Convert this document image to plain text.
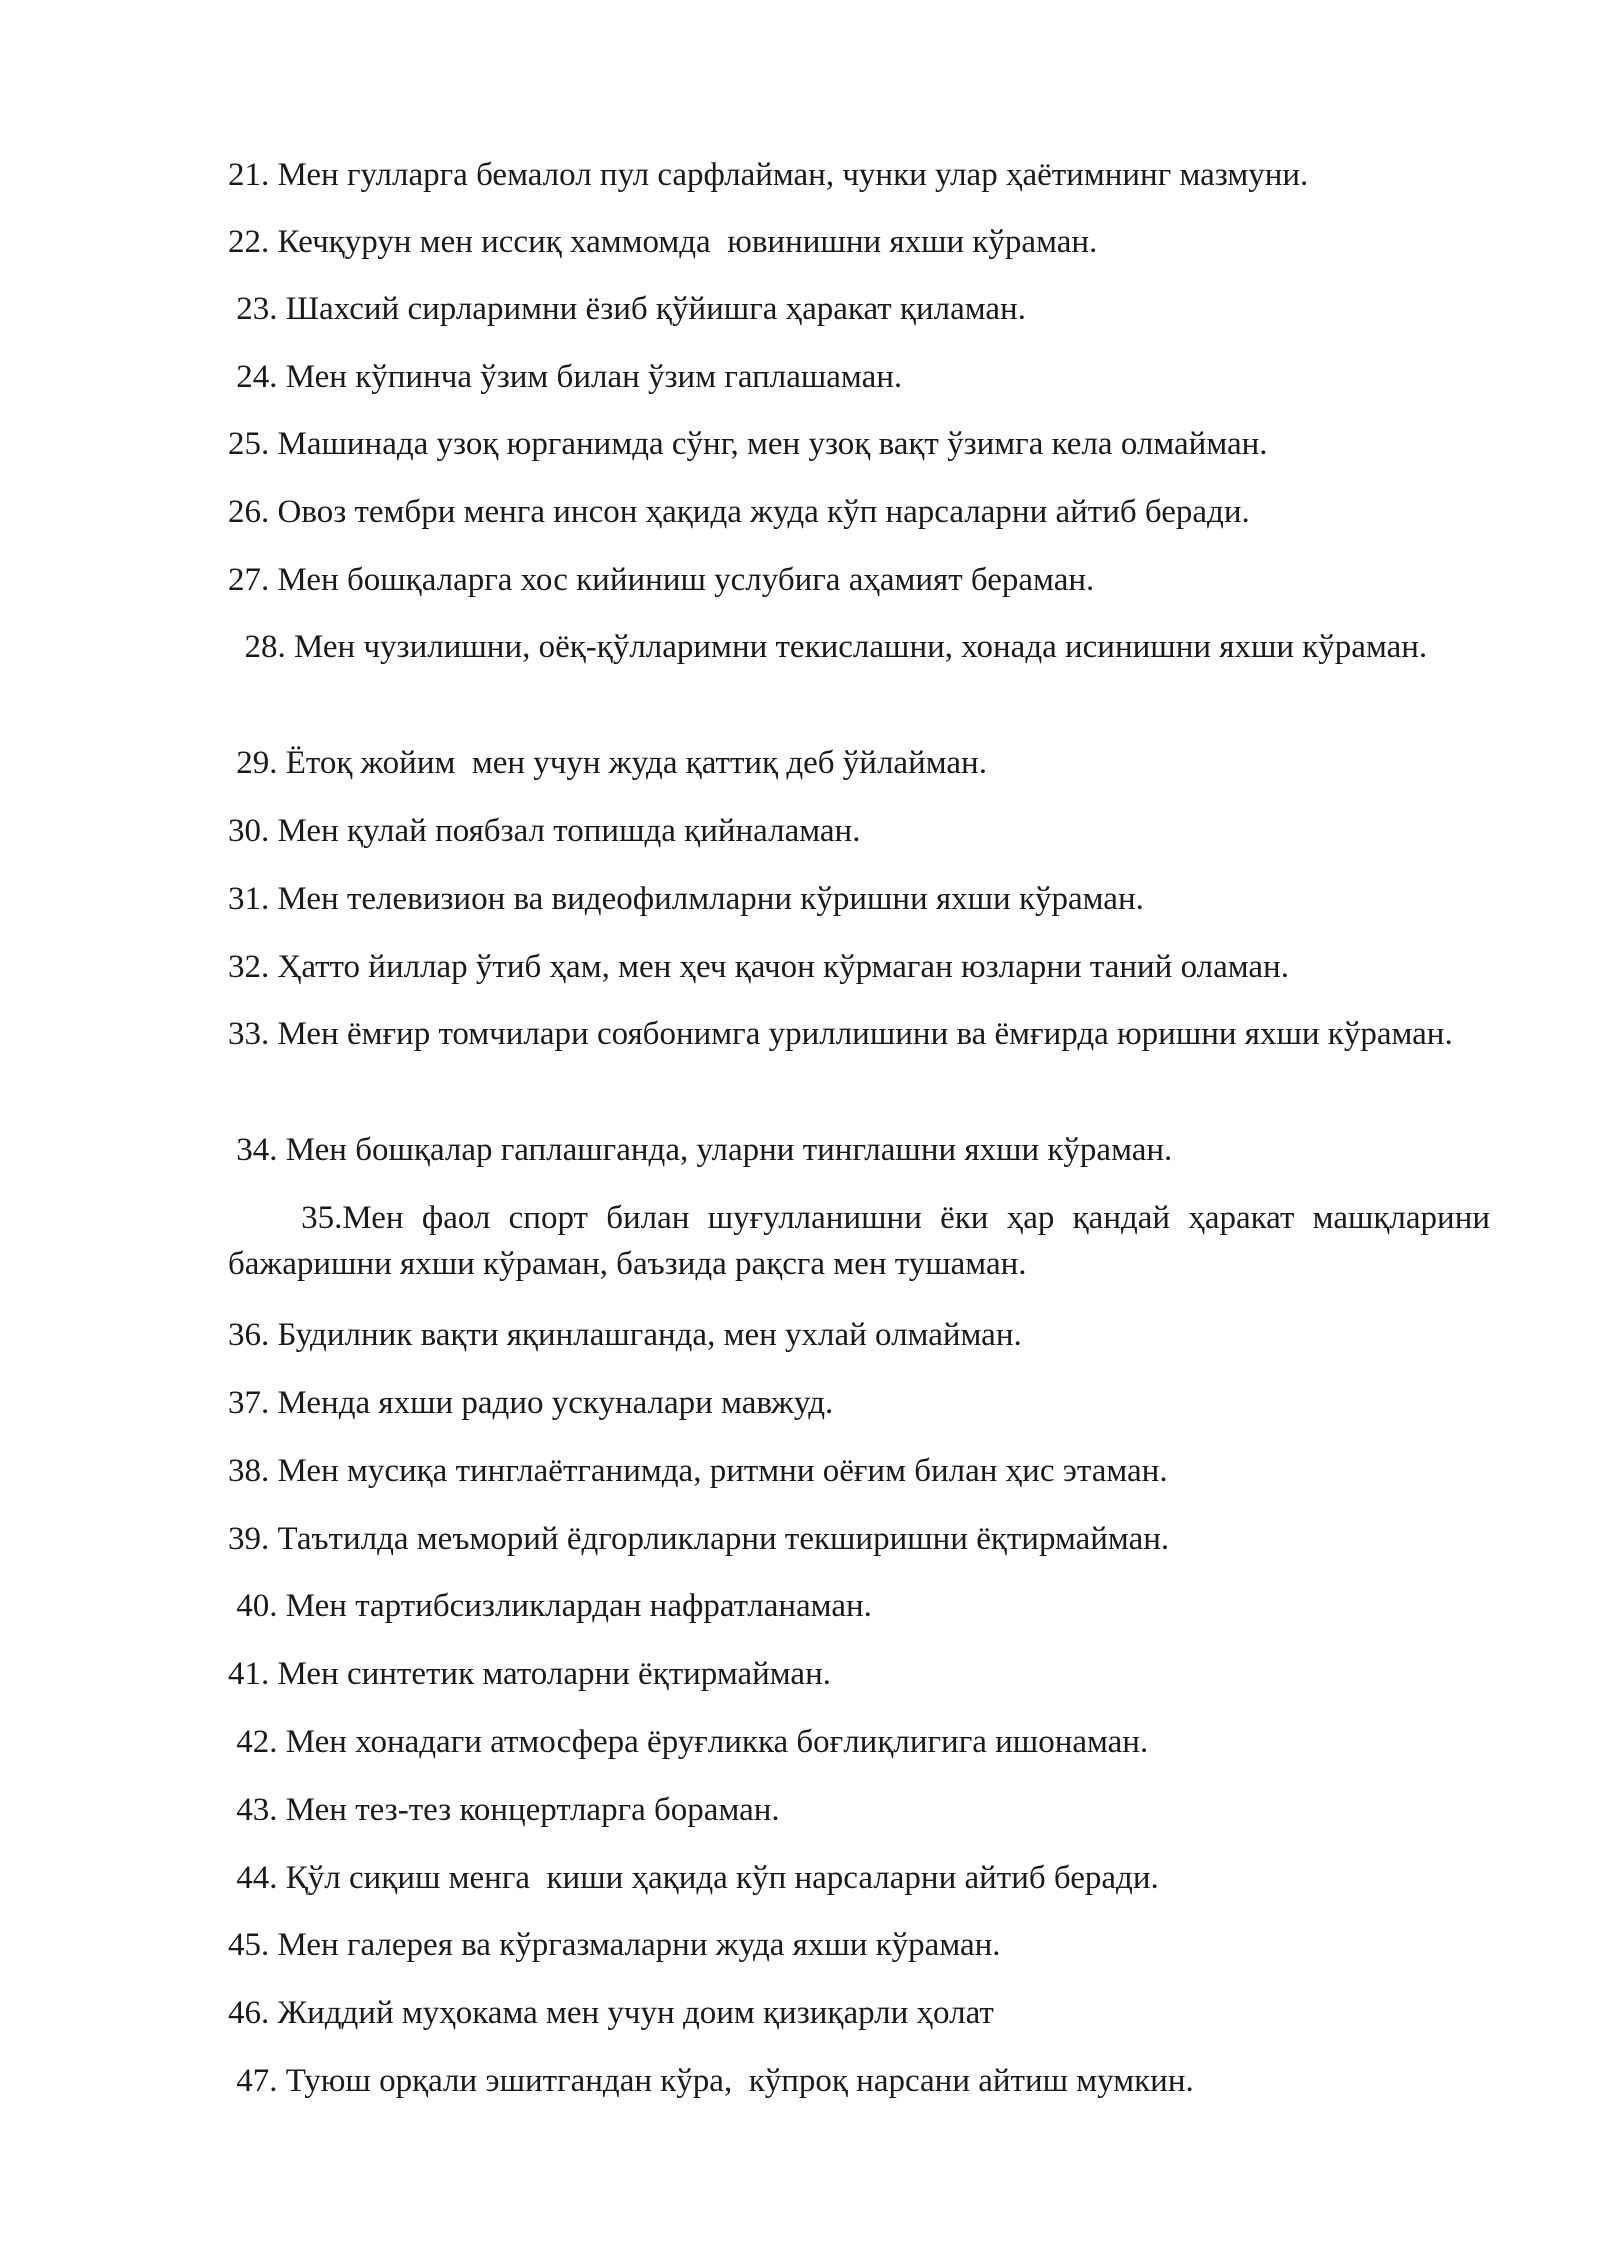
21. Мен гулларга бемалол пул сарфлайман, чунки улар ҳаётимнинг мазмуни.

22. Кечқурун мен иссиқ хаммомда  ювинишни яхши кўраман.

23. Шахсий сирларимни ёзиб қўйишга ҳаракат қиламан.

24. Мен кўпинча ўзим билан ўзим гаплашаман.

25. Машинада узоқ юрганимда сўнг, мен узоқ вақт ўзимга кела олмайман.

26. Овоз тембри менга инсон ҳақида жуда кўп нарсаларни айтиб беради.

27. Мен бошқаларга хос кийиниш услубига аҳамият бераман.

28. Мен чузилишни, оёқ-қўлларимни текислашни, хонада исинишни яхши кўраман.

29. Ётоқ жойим  мен учун жуда қаттиқ деб ўйлайман.

30. Мен қулай поябзал топишда қийналаман.

31. Мен телевизион ва видеофилмларни кўришни яхши кўраман.

32. Ҳатто йиллар ўтиб ҳам, мен ҳеч қачон кўрмаган юзларни таний оламан.

33. Мен ёмғир томчилари соябонимга уриллишини ва ёмғирда юришни яхши кўраман.

34. Мен бошқалар гаплашганда, уларни тинглашни яхши кўраман.

35.Мен фаол спорт билан шуғулланишни ёки ҳар қандай ҳаракат машқларини бажаришни яхши кўраман, баъзида рақсга мен тушаман.

36. Будилник вақти яқинлашганда, мен ухлай олмайман.

37. Менда яхши радио ускуналари мавжуд.

38. Мен мусиқа тинглаётганимда, ритмни оёғим билан ҳис этаман.

39. Таътилда меъморий ёдгорликларни текширишни ёқтирмайман.

40. Мен тартибсизликлардан нафратланаман.

41. Мен синтетик матоларни ёқтирмайман.

42. Мен хонадаги атмосфера ёруғликка боғлиқлигига ишонаман.

43. Мен тез-тез концертларга бораман.

44. Қўл сиқиш менга  киши ҳақида кўп нарсаларни айтиб беради.

45. Мен галерея ва кўргазмаларни жуда яхши кўраман.

46. Жиддий муҳокама мен учун доим қизиқарли ҳолат

47. Туюш орқали эшитгандан кўра,  кўпроқ нарсани айтиш мумкин.
